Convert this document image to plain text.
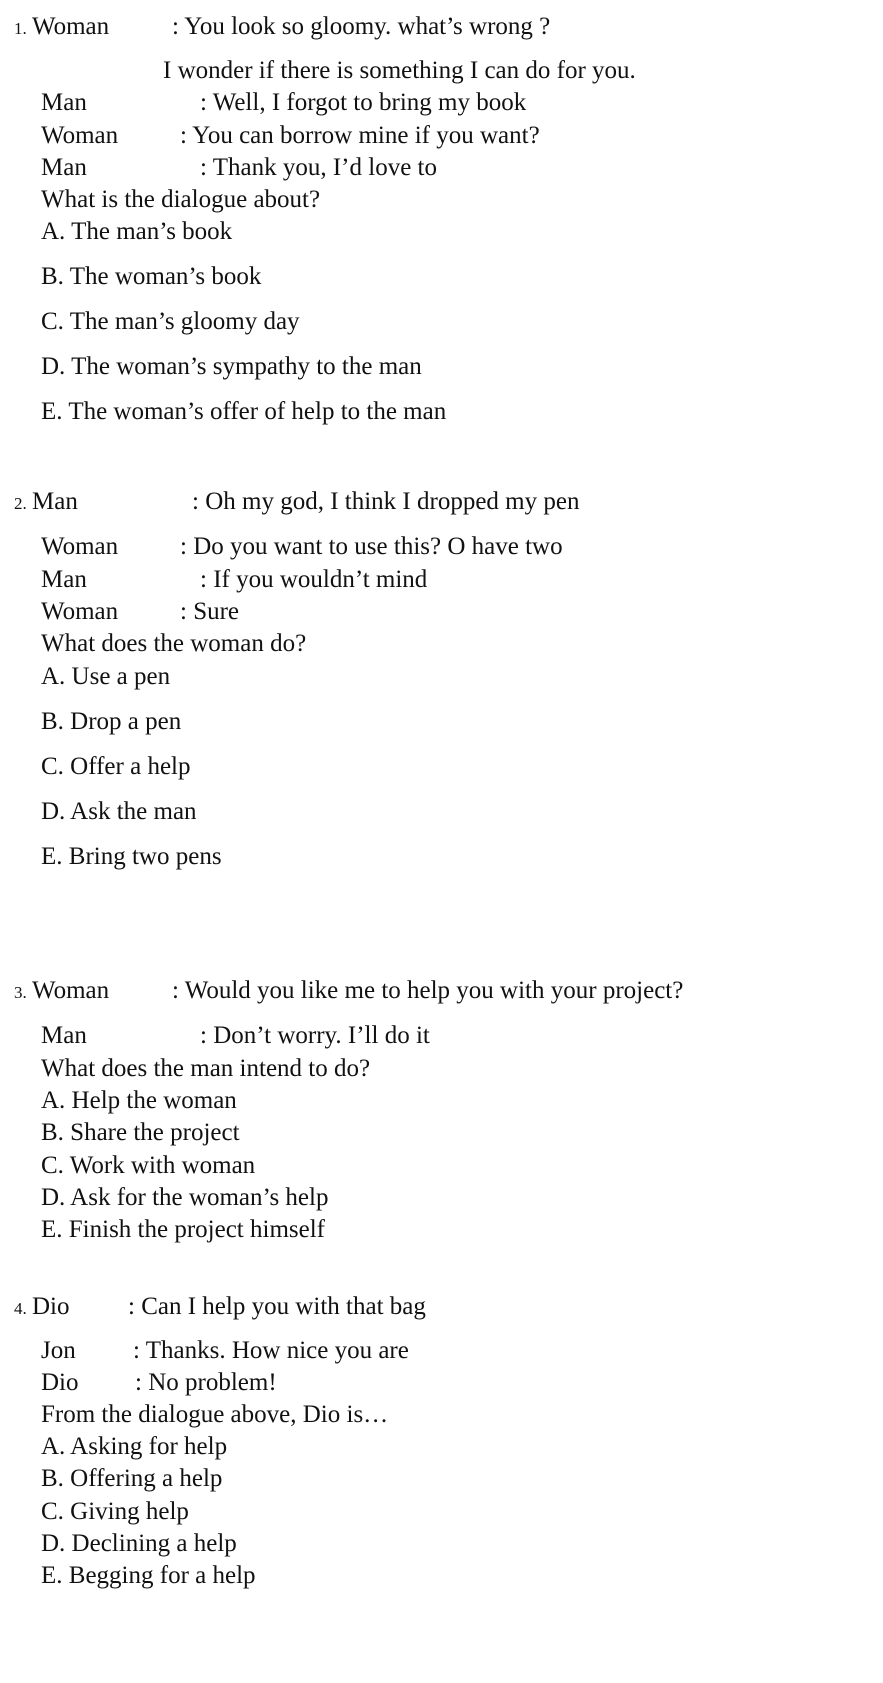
1. Woman	: You look so gloomy. what’s wrong ?
I wonder if there is something I can do for you.
Man	: Well, I forgot to bring my book
Woman : You can borrow mine if you want?
Man	: Thank you, I’d love to
What is the dialogue about?
A. The man’s book
B. The woman’s book
C. The man’s gloomy day
D. The woman’s sympathy to the man
E. The woman’s offer of help to the man
2. Man	: Oh my god, I think I dropped my pen
Woman : Do you want to use this? O have two
Man	: If you wouldn’t mind
Woman : Sure
What does the woman do?
A. Use a pen
B. Drop a pen
C. Offer a help
D. Ask the man
E. Bring two pens
3. Woman	: Would you like me to help you with your project?
Man	: Don’t worry. I’ll do it
What does the man intend to do?
A. Help the woman
B. Share the project
C. Work with woman
D. Ask for the woman’s help
E. Finish the project himself
4. Dio : Can I help you with that bag
Jon : Thanks. How nice you are
Dio : No problem!
From the dialogue above, Dio is…
A. Asking for help
B. Offering a help
C. Giving help
D. Declining a help
E. Begging for a help
